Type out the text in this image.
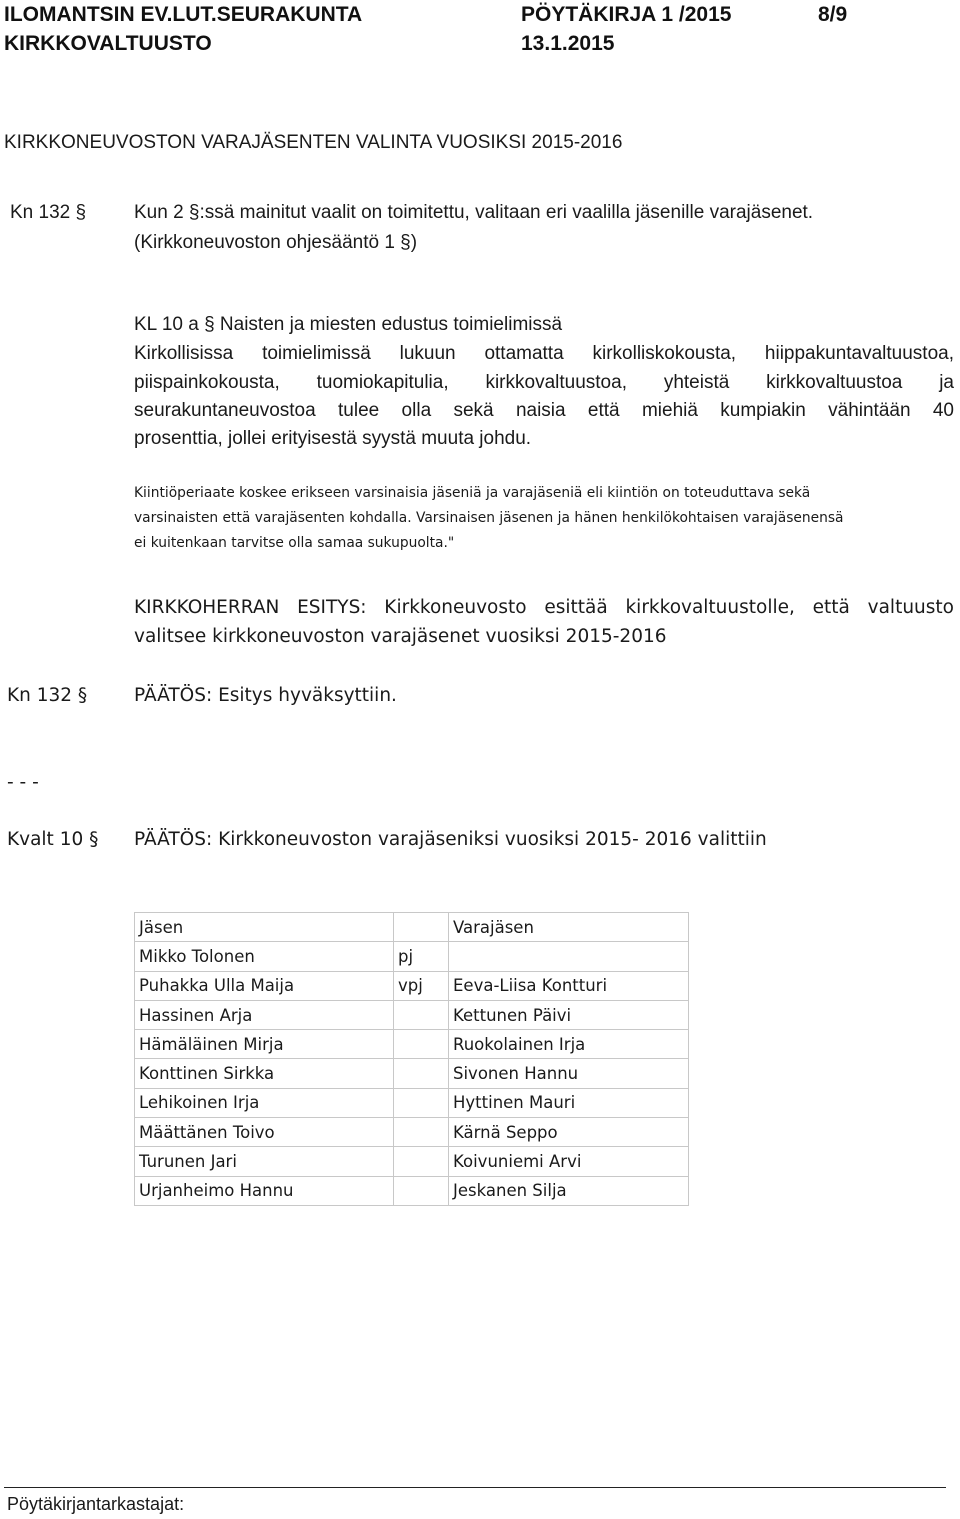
ILOMANTSIN EV.LUT.SEURAKUNTA
KIRKKOVALTUUSTO
PÖYTÄKIRJA 1 /2015	8/9
13.1.2015
KIRKKONEUVOSTON VARAJÄSENTEN VALINTA VUOSIKSI 2015-2016
Kn 132 §	Kun 2 §:ssä mainitut vaalit on toimitettu, valitaan eri vaalilla jäsenille varajäsenet.
(Kirkkoneuvoston ohjesääntö 1 §)
KL 10 a § Naisten ja miesten edustus toimielimissä
Kirkollisissa toimielimissä lukuun ottamatta kirkolliskokousta, hiippakuntavaltuustoa,
piispainkokousta, tuomiokapitulia, kirkkovaltuustoa, yhteistä kirkkovaltuustoa ja
seurakuntaneuvostoa tulee olla sekä naisia että miehiä kumpiakin vähintään 40
prosenttia, jollei erityisestä syystä muuta johdu.
Kiintiöperiaate koskee erikseen varsinaisia jäseniä ja varajäseniä eli kiintiön on toteuduttava sekä
varsinaisten että varajäsenten kohdalla. Varsinaisen jäsenen ja hänen henkilökohtaisen varajäsenensä
ei kuitenkaan tarvitse olla samaa sukupuolta."
KIRKKOHERRAN ESITYS: Kirkkoneuvosto esittää kirkkovaltuustolle, että valtuusto
valitsee kirkkoneuvoston varajäsenet vuosiksi 2015-2016
Kn 132 §	PÄÄTÖS: Esitys hyväksyttiin.
- - -
Kvalt 10 § PÄÄTÖS: Kirkkoneuvoston varajäseniksi vuosiksi 2015- 2016 valittiin
Jäsen		Varajäsen
Mikko Tolonen	pj	
Puhakka Ulla Maija	vpj	Eeva-Liisa Kontturi
Hassinen Arja		Kettunen Päivi
Hämäläinen Mirja		Ruokolainen Irja
Konttinen Sirkka		Sivonen Hannu
Lehikoinen Irja		Hyttinen Mauri
Määttänen Toivo		Kärnä Seppo
Turunen Jari		Koivuniemi Arvi
Urjanheimo Hannu		Jeskanen Silja
Pöytäkirjantarkastajat:
